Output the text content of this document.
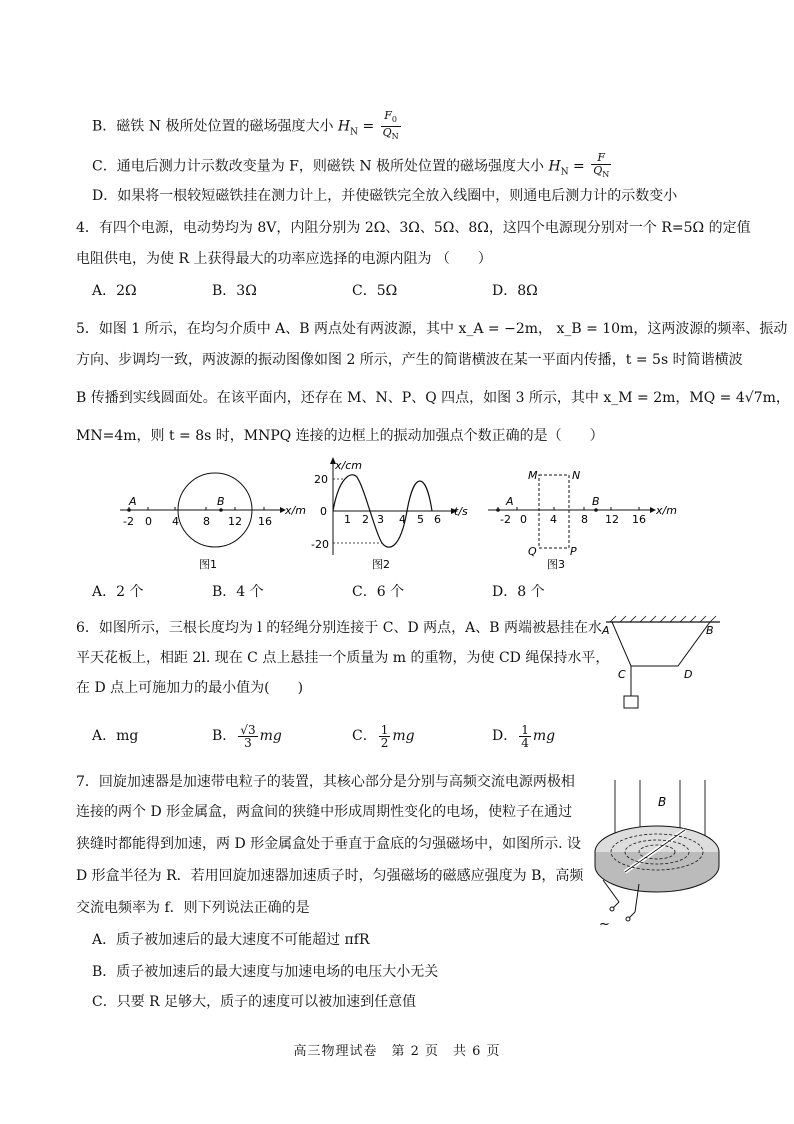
B．磁铁 N 极所处位置的磁场强度大小 $H_N = \frac{F_0}{Q_N}$
C．通电后测力计示数改变量为 F，则磁铁 N 极所处位置的磁场强度大小 $H_N = \frac{F}{Q_N}$
D．如果将一根较短磁铁挂在测力计上，并使磁铁完全放入线圈中，则通电后测力计的示数变小
4．有四个电源，电动势均为 8V，内阻分别为 2Ω、3Ω、5Ω、8Ω，这四个电源现分别对一个 R=5Ω 的定值
电阻供电，为使 R 上获得最大的功率应选择的电源内阻为 （　　）
A．2Ω	B．3Ω	C．5Ω	D．8Ω
5．如图 1 所示，在均匀介质中 A、B 两点处有两波源，其中 x_A = −2m， x_B = 10m，这两波源的频率、振动
方向、步调均一致，两波源的振动图像如图 2 所示，产生的简谐横波在某一平面内传播，t = 5s 时简谐横波
B 传播到实线圆面处。在该平面内，还存在 M、N、P、Q 四点，如图 3 所示，其中 x_M = 2m，MQ = 4√7m，
MN=4m，则 t = 8s 时，MNPQ 连接的边框上的振动加强点个数正确的是（　　）
A	B
-2 0 4 8 12 16
x/m
图1
x/cm
20
0
-20
1 2 3 4 5 6
t/s
图2
A	B
M	N
P
Q
-2 0 4 8 12 16
x/m
图3
A．2 个	B．4 个	C．6 个	D．8 个
6．如图所示，三根长度均为 l 的轻绳分别连接于 C、D 两点，A、B 两端被悬挂在水
平天花板上，相距 2l. 现在 C 点上悬挂一个质量为 m 的重物，为使 CD 绳保持水平，
在 D 点上可施加力的最小值为(　　)
A	B
C	D
A．mg	B． $\frac{√3}{3}$ mg	C． $\frac{1}{2}$ mg	D． $\frac{1}{4}$ mg
7．回旋加速器是加速带电粒子的装置，其核心部分是分别与高频交流电源两极相
连接的两个 D 形金属盒，两盒间的狭缝中形成周期性变化的电场，使粒子在通过
狭缝时都能得到加速，两 D 形金属盒处于垂直于盒底的匀强磁场中，如图所示. 设
D 形盒半径为 R．若用回旋加速器加速质子时，匀强磁场的磁感应强度为 B，高频
交流电频率为 f．则下列说法正确的是
A．质子被加速后的最大速度不可能超过 πfR
B．质子被加速后的最大速度与加速电场的电压大小无关
C．只要 R 足够大，质子的速度可以被加速到任意值
B
~
高三物理试卷　第 2 页　共 6 页
